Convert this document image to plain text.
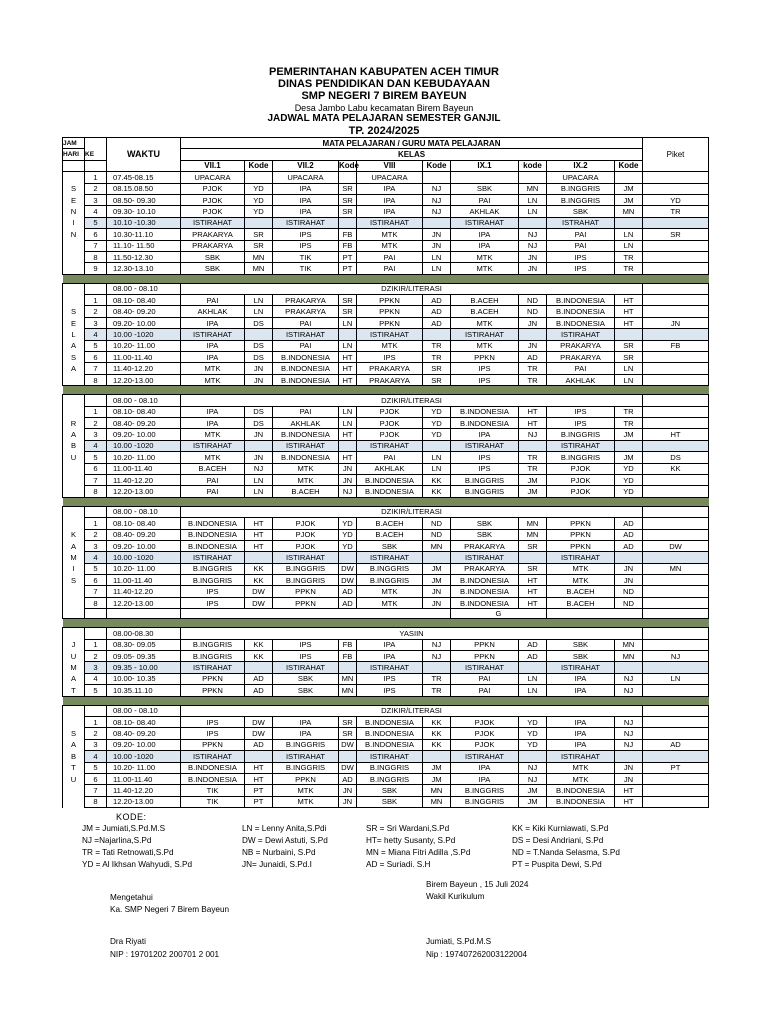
PEMERINTAHAN KABUPATEN ACEH TIMUR
DINAS PENDIDIKAN DAN KEBUDAYAAN
SMP NEGERI 7 BIREM BAYEUN
Desa Jambo Labu kecamatan Birem Bayeun
JADWAL MATA PELAJARAN SEMESTER GANJIL
TP. 2024/2025
JAM			MATA PELAJARAN / GURU MATA PELAJARAN										
HARI	KE	WAKTU	KELAS										Piket
			VII.1	Kode	VII.2	Kode	VIII	Kode	IX.1	kode	IX.2	Kode	
	1	07.45-08.15	UPACARA		UPACARA		UPACARA				UPACARA		
S	2	08.15.08.50	PJOK	YD	IPA	SR	IPA	NJ	SBK	MN	B.INGGRIS	JM	
E	3	08.50- 09.30	PJOK	YD	IPA	SR	IPA	NJ	PAI	LN	B.INGGRIS	JM	YD
N	4	09.30- 10.10	PJOK	YD	IPA	SR	IPA	NJ	AKHLAK	LN	SBK	MN	TR
I	5	10.10 -10.30	ISTIRAHAT		ISTIRAHAT		ISTIRAHAT		ISTIRAHAT		ISTRAHAT		
N	6	10.30-11.10	PRAKARYA	SR	IPS	FB	MTK	JN	IPA	NJ	PAI	LN	SR
	7	11.10- 11.50	PRAKARYA	SR	IPS	FB	MTK	JN	IPA	NJ	PAI	LN	
	8	11.50-12.30	SBK	MN	TIK	PT	PAI	LN	MTK	JN	IPS	TR	
	9	12.30-13.10	SBK	MN	TIK	PT	PAI	LN	MTK	JN	IPS	TR	

		08.00 - 08.10	DZIKIR/LITERASI										
	1	08.10- 08.40	PAI	LN	PRAKARYA	SR	PPKN	AD	B.ACEH	ND	B.INDONESIA	HT	
S	2	08.40- 09.20	AKHLAK	LN	PRAKARYA	SR	PPKN	AD	B.ACEH	ND	B.INDONESIA	HT	
E	3	09.20- 10.00	IPA	DS	PAI	LN	PPKN	AD	MTK	JN	B.INDONESIA	HT	JN
L	4	10.00 -1020	ISTIRAHAT		ISTIRAHAT		ISTIRAHAT		ISTIRAHAT		ISTIRAHAT		
A	5	10.20- 11.00	IPA	DS	PAI	LN	MTK	TR	MTK	JN	PRAKARYA	SR	FB
S	6	11.00-11.40	IPA	DS	B.INDONESIA	HT	IPS	TR	PPKN	AD	PRAKARYA	SR	
A	7	11.40-12.20	MTK	JN	B.INDONESIA	HT	PRAKARYA	SR	IPS	TR	PAI	LN	
	8	12.20-13.00	MTK	JN	B.INDONESIA	HT	PRAKARYA	SR	IPS	TR	AKHLAK	LN	

		08.00 - 08.10	DZIKIR/LITERASI										
	1	08.10- 08.40	IPA	DS	PAI	LN	PJOK	YD	B.INDONESIA	HT	IPS	TR	
R	2	08.40- 09.20	IPA	DS	AKHLAK	LN	PJOK	YD	B.INDONESIA	HT	IPS	TR	
A	3	09.20- 10.00	MTK	JN	B.INDONESIA	HT	PJOK	YD	IPA	NJ	B.INGGRIS	JM	HT
B	4	10.00 -1020	ISTIRAHAT		ISTIRAHAT		ISTIRAHAT		ISTIRAHAT		ISTIRAHAT		
U	5	10.20- 11.00	MTK	JN	B.INDONESIA	HT	PAI	LN	IPS	TR	B.INGGRIS	JM	DS
	6	11.00-11.40	B.ACEH	NJ	MTK	JN	AKHLAK	LN	IPS	TR	PJOK	YD	KK
	7	11.40-12.20	PAI	LN	MTK	JN	B.INDONESIA	KK	B.INGGRIS	JM	PJOK	YD	
	8	12.20-13.00	PAI	LN	B.ACEH	NJ	B.INDONESIA	KK	B.INGGRIS	JM	PJOK	YD	

		08.00 - 08.10	DZIKIR/LITERASI										
	1	08.10- 08.40	B.INDONESIA	HT	PJOK	YD	B.ACEH	ND	SBK	MN	PPKN	AD	
K	2	08.40- 09.20	B.INDONESIA	HT	PJOK	YD	B.ACEH	ND	SBK	MN	PPKN	AD	
A	3	09.20- 10.00	B.INDONESIA	HT	PJOK	YD	SBK	MN	PRAKARYA	SR	PPKN	AD	DW
M	4	10.00 -1020	ISTIRAHAT		ISTIRAHAT		ISTIRAHAT		ISTIRAHAT		ISTIRAHAT		
I	5	10.20- 11.00	B.INGGRIS	KK	B.INGGRIS	DW	B.INGGRIS	JM	PRAKARYA	SR	MTK	JN	MN
S	6	11.00-11.40	B.INGGRIS	KK	B.INGGRIS	DW	B.INGGRIS	JM	B.INDONESIA	HT	MTK	JN	
	7	11.40-12.20	IPS	DW	PPKN	AD	MTK	JN	B.INDONESIA	HT	B.ACEH	ND	
	8	12.20-13.00	IPS	DW	PPKN	AD	MTK	JN	B.INDONESIA	HT	B.ACEH	ND	
									G				

		08.00-08.30	YASIIN										
J	1	08.30- 09.05	B.INGGRIS	KK	IPS	FB	IPA	NJ	PPKN	AD	SBK	MN	
U	2	09.05- 09.35	B.INGGRIS	KK	IPS	FB	IPA	NJ	PPKN	AD	SBK	MN	NJ
M	3	09.35 - 10.00	ISTIRAHAT		ISTIRAHAT		ISTIRAHAT		ISTIRAHAT		ISTIRAHAT		
A	4	10.00- 10.35	PPKN	AD	SBK	MN	IPS	TR	PAI	LN	IPA	NJ	LN
T	5	10.35.11.10	PPKN	AD	SBK	MN	IPS	TR	PAI	LN	IPA	NJ	

		08.00 - 08.10	DZIKIR/LITERASI										
	1	08.10- 08.40	IPS	DW	IPA	SR	B.INDONESIA	KK	PJOK	YD	IPA	NJ	
S	2	08.40- 09.20	IPS	DW	IPA	SR	B.INDONESIA	KK	PJOK	YD	IPA	NJ	
A	3	09.20- 10.00	PPKN	AD	B.INGGRIS	DW	B.INDONESIA	KK	PJOK	YD	IPA	NJ	AD
B	4	10.00 -1020	ISTIRAHAT		ISTIRAHAT		ISTIRAHAT		ISTIRAHAT		ISTIRAHAT		
T	5	10.20- 11.00	B.INDONESIA	HT	B.INGGRIS	DW	B.INGGRIS	JM	IPA	NJ	MTK	JN	PT
U	6	11.00-11.40	B.INDONESIA	HT	PPKN	AD	B.INGGRIS	JM	IPA	NJ	MTK	JN	
	7	11.40-12.20	TIK	PT	MTK	JN	SBK	MN	B.INGGRIS	JM	B.INDONESIA	HT	
	8	12.20-13.00	TIK	PT	MTK	JN	SBK	MN	B.INGGRIS	JM	B.INDONESIA	HT	
KODE:
JM = Jumiati,S.Pd.M.S
NJ =Najarlina,S.Pd
TR = Tati Retnowati,S.Pd
YD = Al Ikhsan Wahyudi, S.Pd
LN = Lenny Anita,S.Pdi
DW = Dewi Astuti, S.Pd
NB = Nurbaini, S.Pd
JN= Junaidi, S.Pd.I
SR = Sri Wardani,S.Pd
HT= hetty Susanty, S.Pd
MN = Miana Fitri Adilla ,S.Pd
AD = Suriadi. S.H
KK = Kiki Kurniawati, S.Pd
DS = Desi Andriani, S.Pd
ND = T.Nanda Selasma, S.Pd
PT = Puspita Dewi, S.Pd
Birem Bayeun , 15 Juli 2024
Wakil Kurikulum
Mengetahui
Ka. SMP Negeri 7 Birem Bayeun
Dra Riyati
NIP : 19701202 200701 2 001
Jumiati, S.Pd.M.S
Nip : 197407262003122004
